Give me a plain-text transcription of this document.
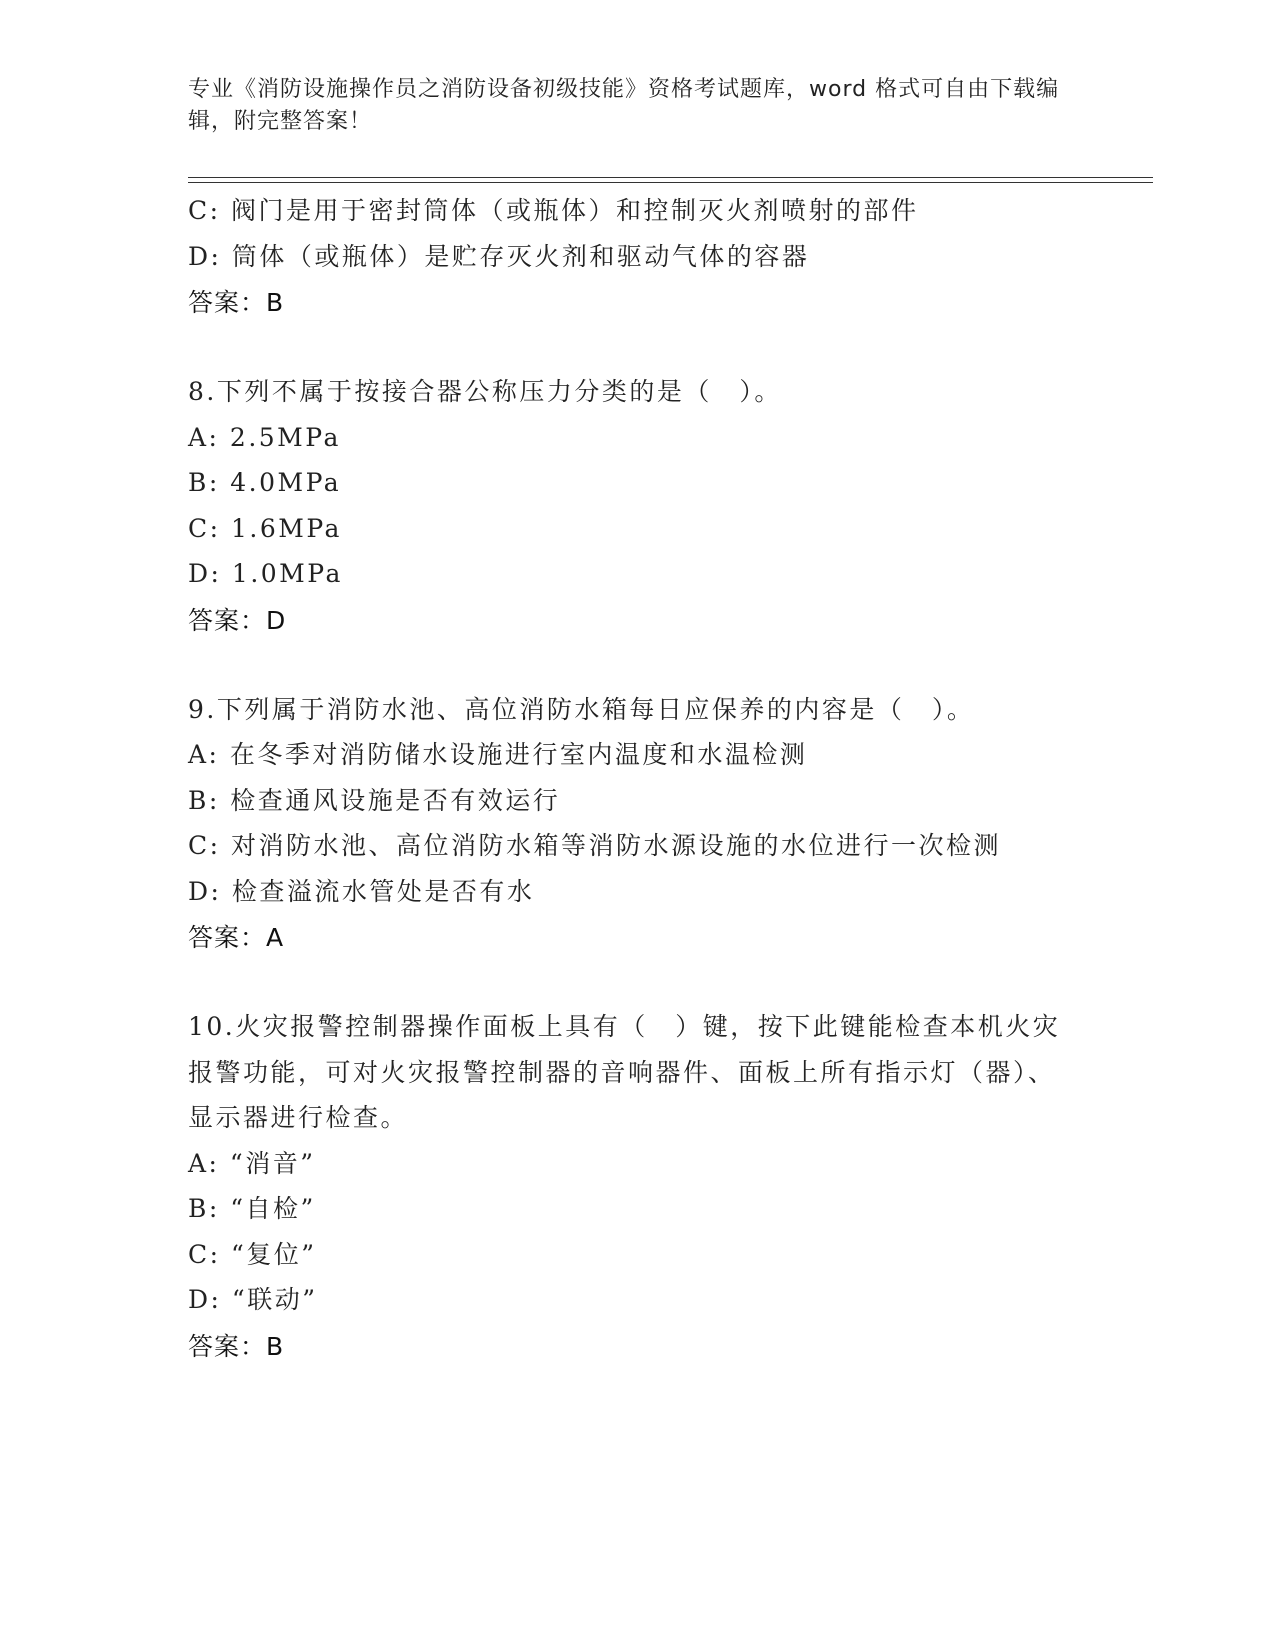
专业《消防设施操作员之消防设备初级技能》资格考试题库，word 格式可自由下载编辑，附完整答案！
C: 阀门是用于密封筒体（或瓶体）和控制灭火剂喷射的部件
D: 筒体（或瓶体）是贮存灭火剂和驱动气体的容器
答案：B
8.下列不属于按接合器公称压力分类的是（　）。
A: 2.5MPa
B: 4.0MPa
C: 1.6MPa
D: 1.0MPa
答案：D
9.下列属于消防水池、高位消防水箱每日应保养的内容是（　）。
A: 在冬季对消防储水设施进行室内温度和水温检测
B: 检查通风设施是否有效运行
C: 对消防水池、高位消防水箱等消防水源设施的水位进行一次检测
D: 检查溢流水管处是否有水
答案：A
10.火灾报警控制器操作面板上具有（　）键，按下此键能检查本机火灾报警功能，可对火灾报警控制器的音响器件、面板上所有指示灯（器）、显示器进行检查。
A: “消音”
B: “自检”
C: “复位”
D: “联动”
答案：B
